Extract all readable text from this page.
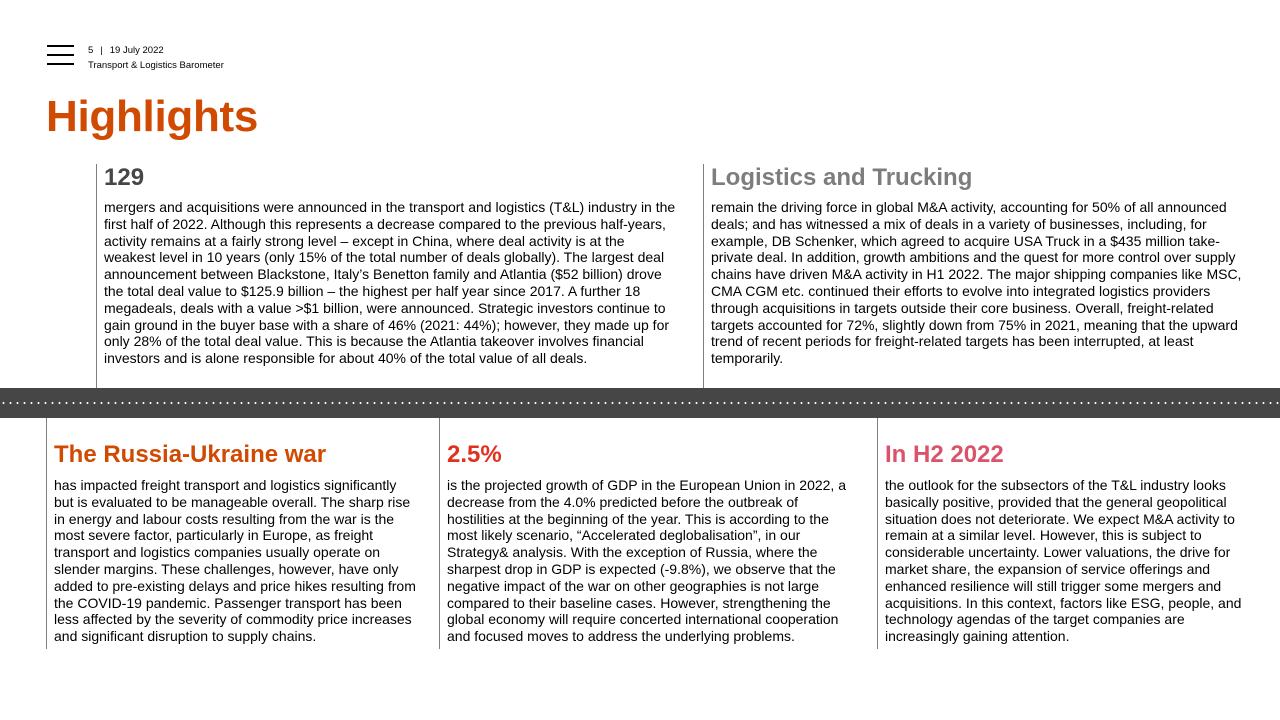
5 | 19 July 2022
Transport & Logistics Barometer
Highlights
129

mergers and acquisitions were announced in the transport and logistics (T&L) industry in the first half of 2022. Although this represents a decrease compared to the previous half-years, activity remains at a fairly strong level – except in China, where deal activity is at the weakest level in 10 years (only 15% of the total number of deals globally). The largest deal announcement between Blackstone, Italy’s Benetton family and Atlantia ($52 billion) drove the total deal value to $125.9 billion – the highest per half year since 2017. A further 18 megadeals, deals with a value >$1 billion, were announced. Strategic investors continue to gain ground in the buyer base with a share of 46% (2021: 44%); however, they made up for only 28% of the total deal value. This is because the Atlantia takeover involves financial investors and is alone responsible for about 40% of the total value of all deals.

Logistics and Trucking

remain the driving force in global M&A activity, accounting for 50% of all announced deals; and has witnessed a mix of deals in a variety of businesses, including, for example, DB Schenker, which agreed to acquire USA Truck in a $435 million take-private deal. In addition, growth ambitions and the quest for more control over supply chains have driven M&A activity in H1 2022. The major shipping companies like MSC, CMA CGM etc. continued their efforts to evolve into integrated logistics providers through acquisitions in targets outside their core business. Overall, freight-related targets accounted for 72%, slightly down from 75% in 2021, meaning that the upward trend of recent periods for freight-related targets has been interrupted, at least temporarily.

The Russia-Ukraine war

has impacted freight transport and logistics significantly but is evaluated to be manageable overall. The sharp rise in energy and labour costs resulting from the war is the most severe factor, particularly in Europe, as freight transport and logistics companies usually operate on slender margins. These challenges, however, have only added to pre-existing delays and price hikes resulting from the COVID-19 pandemic. Passenger transport has been less affected by the severity of commodity price increases and significant disruption to supply chains.

2.5%

is the projected growth of GDP in the European Union in 2022, a decrease from the 4.0% predicted before the outbreak of hostilities at the beginning of the year. This is according to the most likely scenario, “Accelerated deglobalisation”, in our Strategy& analysis. With the exception of Russia, where the sharpest drop in GDP is expected (-9.8%), we observe that the negative impact of the war on other geographies is not large compared to their baseline cases. However, strengthening the global economy will require concerted international cooperation and focused moves to address the underlying problems.

In H2 2022

the outlook for the subsectors of the T&L industry looks basically positive, provided that the general geopolitical situation does not deteriorate. We expect M&A activity to remain at a similar level. However, this is subject to considerable uncertainty. Lower valuations, the drive for market share, the expansion of service offerings and enhanced resilience will still trigger some mergers and acquisitions. In this context, factors like ESG, people, and technology agendas of the target companies are increasingly gaining attention.
